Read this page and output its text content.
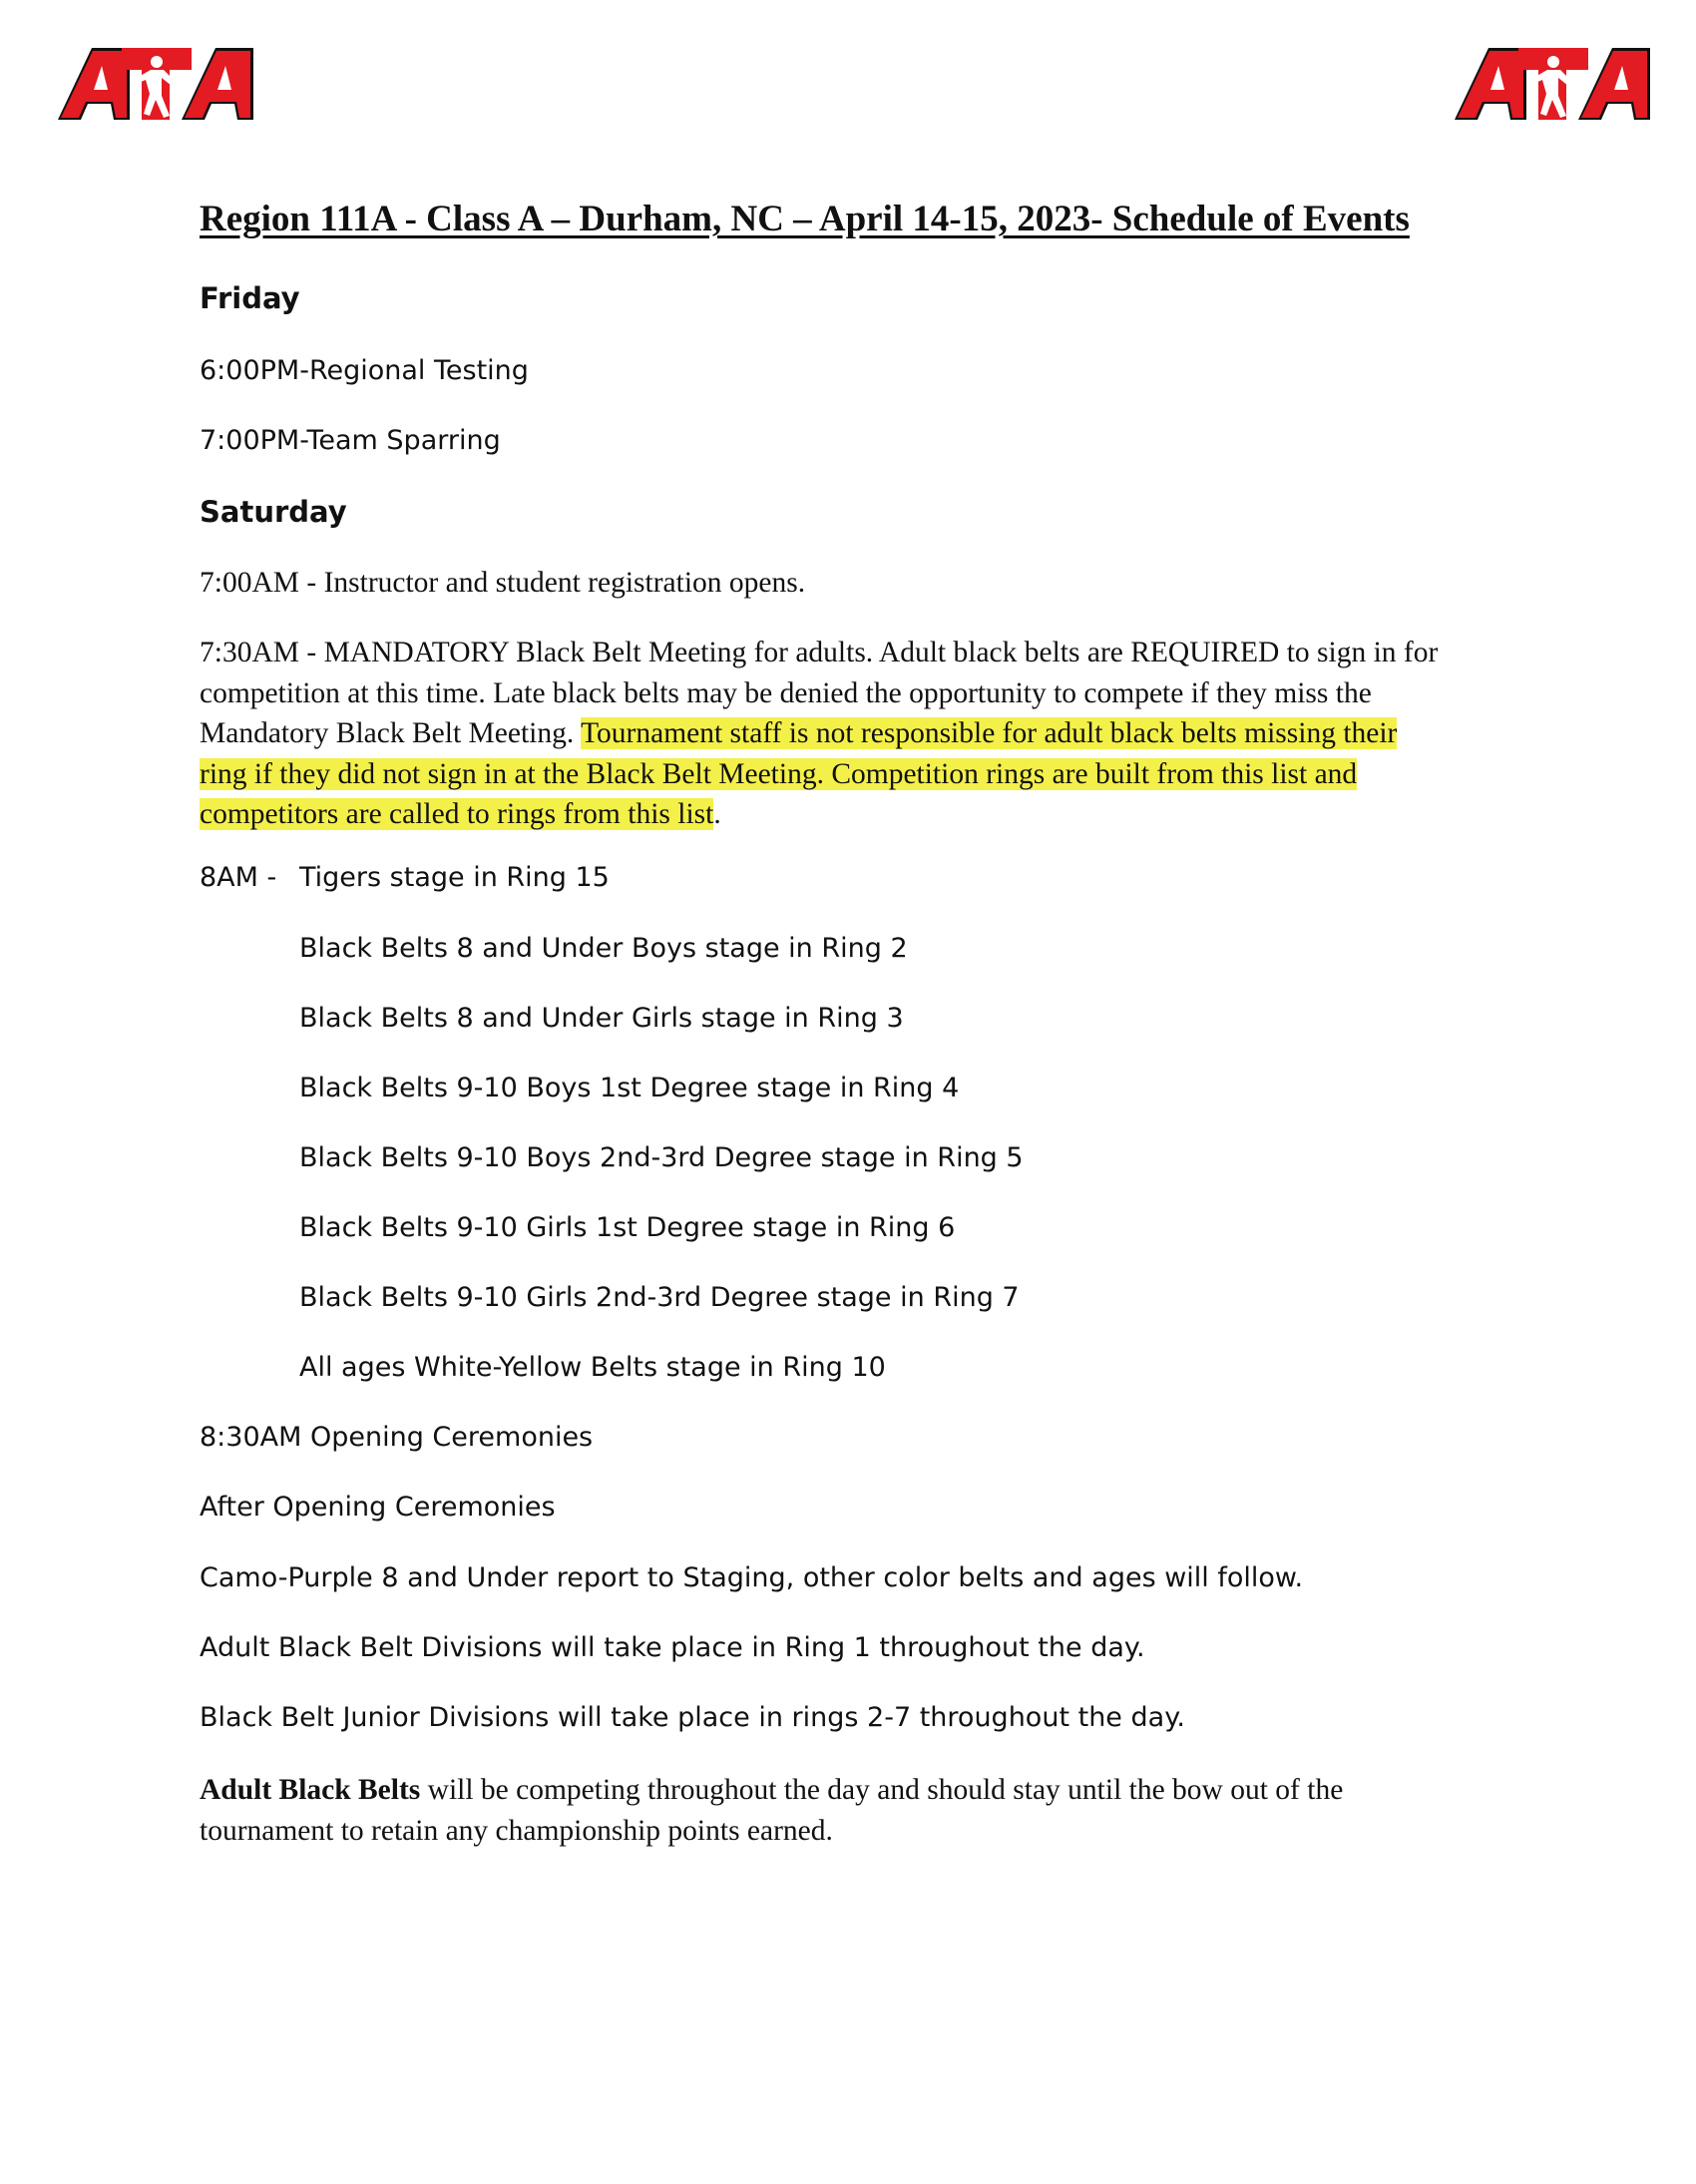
Region 111A - Class A – Durham, NC – April 14-15, 2023- Schedule of Events
Friday

6:00PM-Regional Testing

7:00PM-Team Sparring

Saturday

7:00AM - Instructor and student registration opens.

7:30AM - MANDATORY Black Belt Meeting for adults. Adult black belts are REQUIRED to sign in for
competition at this time. Late black belts may be denied the opportunity to compete if they miss the
Mandatory Black Belt Meeting. Tournament staff is not responsible for adult black belts missing their
ring if they did not sign in at the Black Belt Meeting. Competition rings are built from this list and
competitors are called to rings from this list.

8AM - Tigers stage in Ring 15

Black Belts 8 and Under Boys stage in Ring 2

Black Belts 8 and Under Girls stage in Ring 3

Black Belts 9-10 Boys 1st Degree stage in Ring 4

Black Belts 9-10 Boys 2nd-3rd Degree stage in Ring 5

Black Belts 9-10 Girls 1st Degree stage in Ring 6

Black Belts 9-10 Girls 2nd-3rd Degree stage in Ring 7

All ages White-Yellow Belts stage in Ring 10

8:30AM Opening Ceremonies

After Opening Ceremonies

Camo-Purple 8 and Under report to Staging, other color belts and ages will follow.

Adult Black Belt Divisions will take place in Ring 1 throughout the day.

Black Belt Junior Divisions will take place in rings 2-7 throughout the day.

Adult Black Belts will be competing throughout the day and should stay until the bow out of the
tournament to retain any championship points earned.
